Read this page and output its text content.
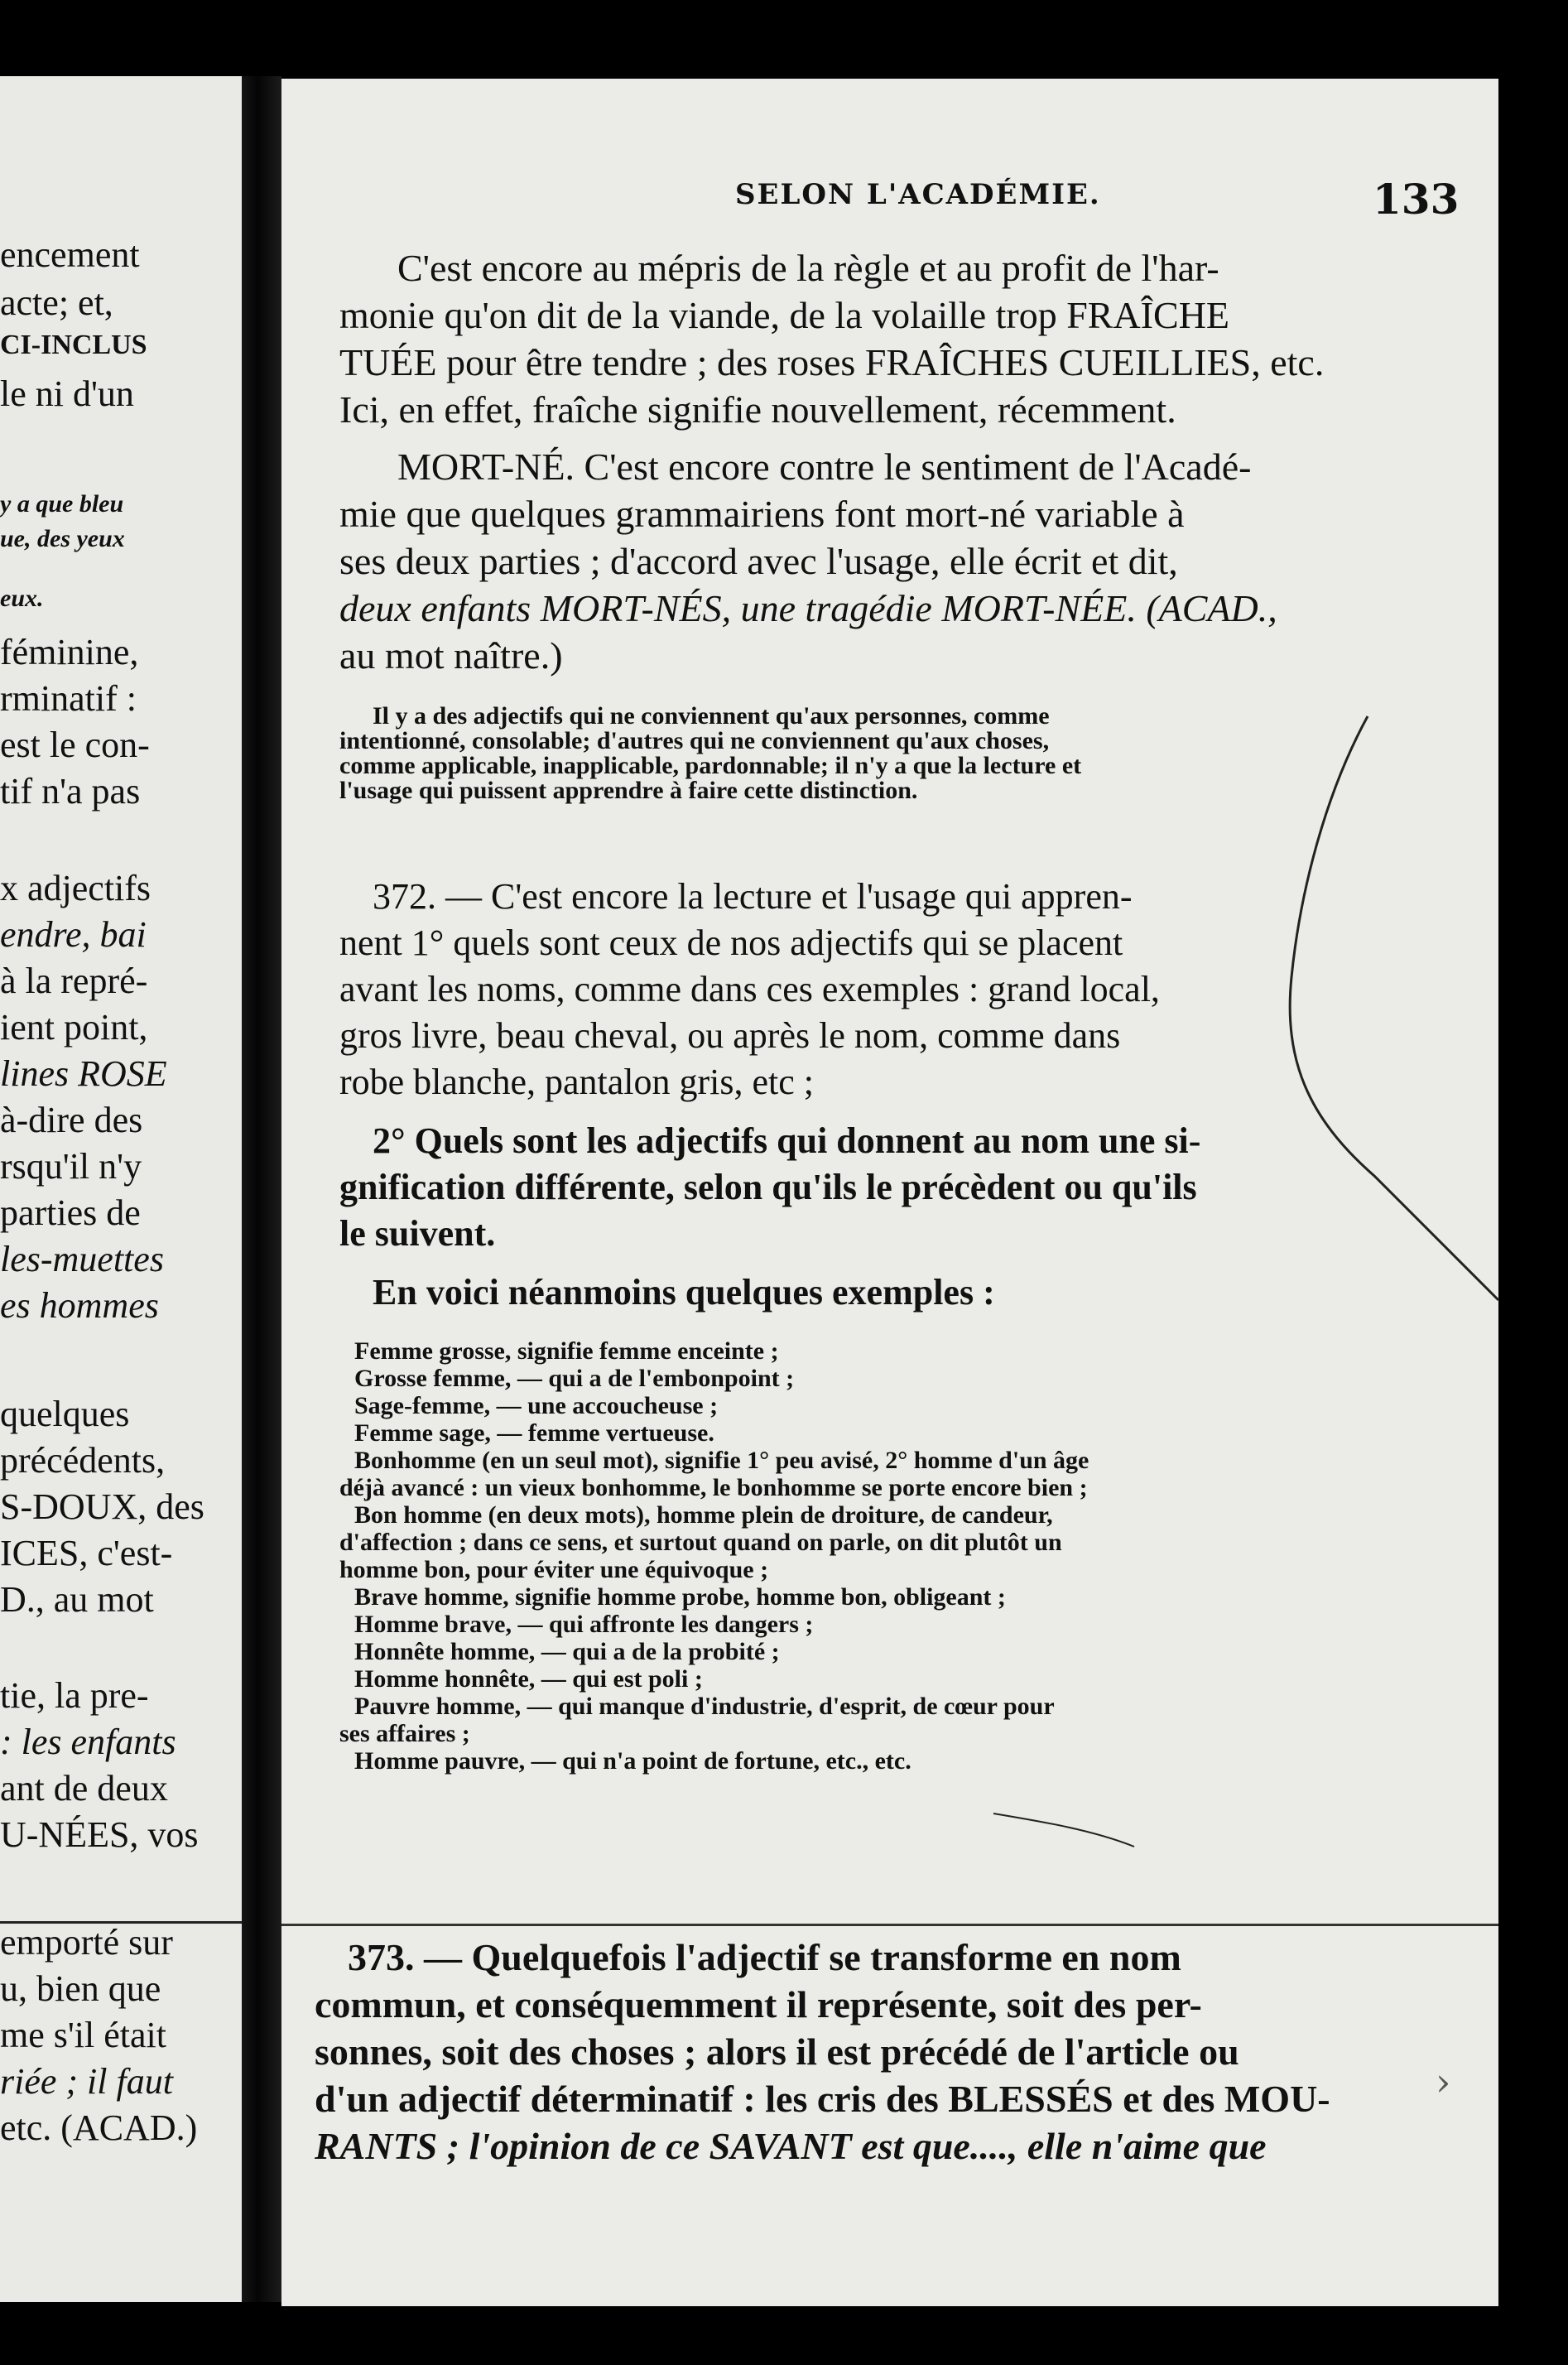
encement
acte; et,
CI-INCLUS
le ni d'un
y a que bleu
ue, des yeux
eux.
féminine,
rminatif :
est le con-
tif n'a pas
x adjectifs
endre, bai
à la repré-
ient point,
lines ROSE
à-dire des
rsqu'il n'y
parties de
les-muettes
es hommes
quelques
précédents,
S-DOUX, des
ICES, c'est-
D., au mot
tie, la pre-
: les enfants
ant de deux
U-NÉES, vos
emporté sur
u, bien que
me s'il était
riée ; il faut
etc. (ACAD.)
SELON L'ACADÉMIE.	133
C'est encore au mépris de la règle et au profit de l'har-
monie qu'on dit de la viande, de la volaille trop FRAÎCHE
TUÉE pour être tendre ; des roses FRAÎCHES CUEILLIES, etc.
Ici, en effet, fraîche signifie nouvellement, récemment.
MORT-NÉ. C'est encore contre le sentiment de l'Acadé-
mie que quelques grammairiens font mort-né variable à
ses deux parties ; d'accord avec l'usage, elle écrit et dit,
deux enfants MORT-NÉS, une tragédie MORT-NÉE. (ACAD.,
au mot naître.)
Il y a des adjectifs qui ne conviennent qu'aux personnes, comme
intentionné, consolable; d'autres qui ne conviennent qu'aux choses,
comme applicable, inapplicable, pardonnable; il n'y a que la lecture et
l'usage qui puissent apprendre à faire cette distinction.
372. — C'est encore la lecture et l'usage qui appren-
nent 1° quels sont ceux de nos adjectifs qui se placent
avant les noms, comme dans ces exemples : grand local,
gros livre, beau cheval, ou après le nom, comme dans
robe blanche, pantalon gris, etc ;
2° Quels sont les adjectifs qui donnent au nom une si-
gnification différente, selon qu'ils le précèdent ou qu'ils
le suivent.
En voici néanmoins quelques exemples :
Femme grosse, signifie femme enceinte ;
Grosse femme, — qui a de l'embonpoint ;
Sage-femme, — une accoucheuse ;
Femme sage, — femme vertueuse.
Bonhomme (en un seul mot), signifie 1° peu avisé, 2° homme d'un âge
déjà avancé : un vieux bonhomme, le bonhomme se porte encore bien ;
Bon homme (en deux mots), homme plein de droiture, de candeur,
d'affection ; dans ce sens, et surtout quand on parle, on dit plutôt un
homme bon, pour éviter une équivoque ;
Brave homme, signifie homme probe, homme bon, obligeant ;
Homme brave, — qui affronte les dangers ;
Honnête homme, — qui a de la probité ;
Homme honnête, — qui est poli ;
Pauvre homme, — qui manque d'industrie, d'esprit, de cœur pour
ses affaires ;
Homme pauvre, — qui n'a point de fortune, etc., etc.
373. — Quelquefois l'adjectif se transforme en nom
commun, et conséquemment il représente, soit des per-
sonnes, soit des choses ; alors il est précédé de l'article ou
d'un adjectif déterminatif : les cris des BLESSÉS et des MOU-
RANTS ; l'opinion de ce SAVANT est que...., elle n'aime que
›
